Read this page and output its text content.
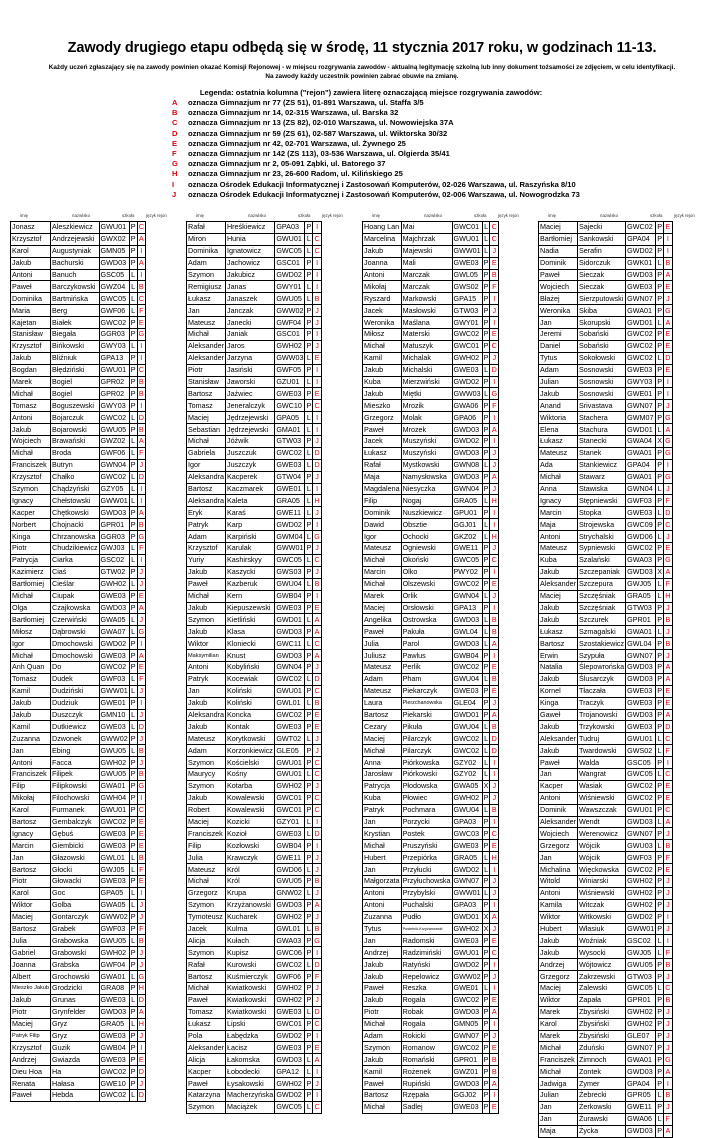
Zawody drugiego etapu odbędą się w środę, 11 stycznia 2017 roku, w godzinach 11-13.
Każdy uczeń zgłaszający się na zawody powinien okazać Komisji Rejonowej - w miejscu rozgrywania zawodów - aktualną legitymację szkolną lub inny dokument tożsamości ze zdjęciem, w celu identyfikacji.
Na zawody każdy uczestnik powinien zabrać obuwie na zmianę.
Legenda: ostatnia kolumna ("rejon") zawiera literę oznaczającą miejsce rozgrywania zawodów:
A	oznacza Gimnazjum nr 77 (ZS 51), 01-891 Warszawa, ul. Staffa 3/5
B	oznacza Gimnazjum nr 14, 02-315 Warszawa, ul. Barska 32
C	oznacza Gimnazjum nr 13 (ZS 82), 02-010 Warszawa, ul. Nowowiejska 37A
D	oznacza Gimnazjum nr 59 (ZS 61), 02-587 Warszawa, ul. Wiktorska 30/32
E	oznacza Gimnazjum nr 42, 02-701 Warszawa, ul. Żywnego 25
F	oznacza Gimnazjum nr 142 (ZS 113), 03-536 Warszawa, ul. Olgierda 35/41
G	oznacza Gimnazjum nr 2, 05-091 Ząbki, ul. Batorego 37
H	oznacza Gimnazjum nr 23, 26-600 Radom, ul. Kilińskiego 25
I	oznacza Ośrodek Edukacji Informatycznej i Zastosowań Komputerów, 02-026 Warszawa, ul. Raszyńska 8/10
J	oznacza Ośrodek Edukacji Informatycznej i Zastosowań Komputerów, 02-006 Warszawa, ul. Nowogrodzka 73
imię	nazwisko	szkoła	język rejon
Jonasz	Aleszkiewicz	GWU01	P	C
Krzysztof	Andrzejewski	GWX02	P	A
Karol	Augustyniak	GMN05	P	I
Jakub	Bachurski	GWD03	P	A
Antoni	Banuch	GSC05	L	I
Paweł	Barczykowski	GWZ04	L	B
Dominika	Bartmińska	GWC05	L	C
Maria	Berg	GWF06	L	F
Kajetan	Białek	GWC02	P	E
Stanisław	Biegała	GGR03	P	G
Krzysztof	Bińkowski	GWY03	L	I
Jakub	Bliźniuk	GPA13	P	I
Bogdan	Błędziński	GWU01	P	C
Marek	Bogiel	GPR02	P	B
Michał	Bogiel	GPR02	P	B
Tomasz	Boguszewski	GWY03	P	I
Antoni	Bojarczuk	GWC02	L	D
Jakub	Bojarowski	GWU05	P	B
Wojciech	Brawański	GWZ02	L	A
Michał	Broda	GWF06	L	F
Franciszek	Butryn	GWN04	P	J
Krzysztof	Chałko	GWC02	L	D
Szymon	Chądzyński	GZY05	L	I
Ignacy	Chełstowski	GWW01	L	I
Kacper	Chętkowski	GWD03	P	A
Norbert	Chojnacki	GPR01	P	B
Kinga	Chrzanowska	GGR03	P	G
Piotr	Chudzikiewicz	GWJ03	L	F
Patrycja	Ciarka	GSC02	L	I
Kazimierz	Ciaś	GTW02	P	J
Bartłomiej	Cieślar	GWH02	L	J
Michał	Ciupak	GWE03	P	E
Olga	Czajkowska	GWD03	P	A
Bartłomiej	Czerwiński	GWA05	L	J
Miłosz	Dąbrowski	GWA07	L	G
Igor	Dmochowski	GWD02	P	I
Michał	Dmochowski	GWE03	P	A
Anh Quan	Do	GWC02	P	E
Tomasz	Dudek	GWF03	L	F
Kamil	Dudziński	GWW01	L	J
Jakub	Dudziuk	GWE01	P	I
Jakub	Duszczyk	GMN10	L	J
Kamil	Dutkiewicz	GWE03	L	D
Zuzanna	Dzwonek	GWW02	P	J
Jan	Ebing	GWU05	L	B
Antoni	Facca	GWH02	P	J
Franciszek	Filipek	GWU05	P	B
Filip	Filipkowski	GWA01	P	G
Mikołaj	Filochowski	GWH04	P	I
Karol	Furmanek	GWU01	P	C
Bartosz	Gembalczyk	GWC02	P	E
Ignacy	Gębuś	GWE03	P	E
Marcin	Giembicki	GWE03	P	E
Jan	Głazowski	GWL01	L	B
Bartosz	Głocki	GWJ05	L	F
Piotr	Głowacki	GWE03	P	E
Karol	Goc	GPA05	L	I
Wiktor	Golba	GWA05	L	J
Maciej	Gontarczyk	GWW02	P	J
Bartosz	Grabek	GWF03	P	F
Julia	Grabowska	GWU05	L	B
Gabriel	Grabowski	GWH02	P	J
Joanna	Grabska	GWF04	P	J
Albert	Grochowski	GWA01	L	G
Mieszko Jakub	Grodzicki	GRA08	P	H
Jakub	Grunas	GWE03	L	D
Piotr	Grynfelder	GWD03	P	A
Maciej	Gryz	GRA05	L	H
Patryk Filip	Gryz	GWE03	P	J
Krzysztof	Guzik	GWB04	P	I
Andrzej	Gwiazda	GWE03	P	E
Dieu Hoa	Ha	GWC02	P	D
Renata	Hałasa	GWE10	P	J
Paweł	Hebda	GWC02	L	D
imię	nazwisko	szkoła	język rejon
Rafał	Hreśkiewicz	GPA03	P	I
Miron	Hunia	GWU01	L	C
Dominika	Ignatowicz	GWC05	L	C
Adam	Jachowicz	GSC01	P	I
Szymon	Jakubicz	GWD02	P	I
Remigiusz	Janas	GWY01	L	I
Łukasz	Janaszek	GWU05	L	B
Jan	Janczak	GWW02	P	J
Mateusz	Janecki	GWF04	P	J
Michał	Janiak	GSC01	P	I
Aleksander	Jaros	GWH02	P	J
Aleksander	Jarzyna	GWW03	L	E
Piotr	Jasiński	GWF05	P	I
Stanisław	Jaworski	GZU01	L	I
Bartosz	Jaźwiec	GWE03	P	E
Tomasz	Jeneralczyk	GWC10	P	C
Maciej	Jędrzejewski	GPA05	L	I
Sebastian	Jędrzejewski	GMA01	L	I
Michał	Jóźwik	GTW03	P	J
Gabriela	Juszczuk	GWC02	L	D
Igor	Juszczyk	GWE03	L	D
Aleksandra	Kacperek	GTW04	P	J
Bartosz	Kaczmarek	GWE01	L	I
Aleksandra	Kaleta	GRA05	L	H
Eryk	Karaś	GWE11	L	J
Patryk	Karp	GWD02	P	I
Adam	Karpiński	GWM04	L	G
Krzysztof	Karulak	GWW01	P	J
Yuriy	Kashirskyy	GWC05	L	C
Jakub	Kaszycki	GWS03	P	J
Paweł	Kazberuk	GWU04	L	B
Michał	Kern	GWB04	P	I
Jakub	Kiepuszewski	GWE03	P	E
Szymon	Kietliński	GWD01	L	A
Jakub	Klasa	GWD03	P	A
Wiktor	Kloniecki	GWC11	L	C
Maksymilian	Knust	GWD03	P	A
Antoni	Kobyliński	GWN04	P	J
Patryk	Kocewiak	GWC02	L	D
Jan	Koliński	GWU01	P	C
Jakub	Koliński	GWL01	L	B
Aleksandra	Koncka	GWC02	P	E
Jakub	Kontak	GWE03	P	E
Mateusz	Korytkowski	GWT02	L	J
Adam	Korzonkiewicz	GLE05	P	J
Szymon	Kościelski	GWU01	P	C
Maurycy	Kośny	GWU01	L	C
Szymon	Kotarba	GWH02	P	J
Jakub	Kowalewski	GWC01	P	C
Robert	Kowalewski	GWC01	P	C
Maciej	Kozicki	GZY01	L	I
Franciszek	Kozioł	GWE03	L	D
Filip	Kozłowski	GWB04	P	I
Julia	Krawczyk	GWE11	P	J
Mateusz	Król	GWD06	L	J
Michał	Król	GWU05	P	B
Grzegorz	Krupa	GNW02	L	J
Szymon	Krzyżanowski	GWD03	P	A
Tymoteusz	Kucharek	GWH02	P	J
Jacek	Kulma	GWL01	L	B
Alicja	Kułach	GWA03	P	G
Szymon	Kupisz	GWC06	P	I
Rafał	Kurowski	GWC02	L	D
Bartosz	Kuśmierczyk	GWF06	P	F
Michał	Kwiatkowski	GWH02	P	J
Paweł	Kwiatkowski	GWH02	P	J
Tomasz	Kwiatkowski	GWE03	L	D
Łukasz	Lipski	GWC01	P	C
Pola	Łabędzka	GWD02	P	I
Aleksander	Łacisz	GWE03	P	E
Alicja	Łakomska	GWD03	L	A
Kacper	Łobodecki	GPA12	L	I
Paweł	Łysakowski	GWH02	P	J
Katarzyna	Macherzyńska	GWD02	P	I
Szymon	Maciążek	GWC05	L	C
imię	nazwisko	szkoła	język rejon
Hoang Lan	Mai	GWC01	L	C
Marcelina	Majchrzak	GWU01	L	C
Jakub	Majewski	GWW01	L	J
Joanna	Mali	GWE03	P	E
Antoni	Marczak	GWL05	P	B
Mikołaj	Marczak	GWS02	P	F
Ryszard	Markowski	GPA15	P	I
Jacek	Masłowski	GTW03	P	J
Weronika	Maślana	GWY01	P	I
Miłosz	Materski	GWC02	P	E
Michał	Matuszyk	GWC01	P	C
Kamil	Michalak	GWH02	P	J
Jakub	Michalski	GWE03	L	D
Kuba	Mierzwiński	GWD02	P	I
Jakub	Miętki	GWW03	L	G
Mieszko	Mrozik	GWA06	P	F
Grzegorz	Molak	GPA06	P	I
Paweł	Mrozek	GWD03	P	A
Jacek	Muszyński	GWD02	P	I
Łukasz	Muszyński	GWD03	P	J
Rafał	Mystkowski	GWN08	L	J
Maja	Namysłowska	GWD03	P	A
Magdalena	Niesyczka	GWN04	P	J
Filip	Nogaj	GRA05	L	H
Dominik	Nuszkiewicz	GPU01	P	I
Dawid	Obsztie	GGJ01	L	I
Igor	Ochocki	GKZ02	L	H
Mateusz	Ogniewski	GWE11	P	J
Michał	Okoński	GWC05	P	C
Marcin	Olko	PWY02	P	I
Michał	Olszewski	GWC02	P	E
Marek	Orlik	GWN04	L	J
Maciej	Orsłowski	GPA13	P	I
Angelika	Ostrowska	GWD03	L	B
Paweł	Pakuła	GWL04	L	B
Julia	Parol	GWD03	L	A
Juliusz	Pawlus	GWB04	P	I
Mateusz	Perlik	GWC02	P	E
Adam	Pham	GWU04	L	B
Mateusz	Piekarczyk	GWE03	P	E
Laura	Pierzchanowska	GLE04	P	J
Bartosz	Piekarski	GWD01	P	A
Cezary	Pikuła	GWU04	L	B
Maciej	Pilarczyk	GWC02	L	D
Michał	Pilarczyk	GWC02	L	D
Anna	Piórkowska	GZY02	L	I
Jarosław	Piórkowski	GZY02	L	I
Patrycja	Płodowska	GWA05	X	J
Kuba	Płowiec	GWH02	P	J
Patryk	Pochmara	GWU04	L	B
Jan	Porzycki	GPA03	P	I
Krystian	Postek	GWC03	P	C
Michał	Pruszyński	GWE03	P	E
Hubert	Przepiórka	GRA05	L	H
Jan	Przyłucki	GWD02	L	I
Małgorzata	Przyłuchowska	GWN07	P	J
Antoni	Przybylski	GWW01	L	J
Antoni	Puchalski	GPA03	P	I
Zuzanna	Pudło	GWD01	X	A
Tytus	Pustelnik-Krzyżanowski	GWH02	X	J
Jan	Radomski	GWE03	P	E
Andrzej	Radzimiński	GWU01	P	C
Jakub	Ratyński	GWD02	P	I
Jakub	Repelowicz	GWW02	P	J
Paweł	Reszka	GWE01	L	I
Jakub	Rogala	GWC02	P	E
Piotr	Robak	GWD03	P	A
Michał	Rogala	GMN05	P	I
Adam	Rokicki	GWN07	P	J
Szymon	Romanow	GWC02	P	E
Jakub	Romański	GPR01	P	B
Kamil	Rożenek	GWZ01	P	B
Paweł	Rupiński	GWD03	P	A
Bartosz	Rzępała	GGJ02	P	I
Michał	Sadlej	GWE03	P	E
imię	nazwisko	szkoła	język rejon
Maciej	Sajecki	GWC02	P	E
Bartłomiej	Sankowski	GPA04	P	I
Nadia	Serafin	GWD02	P	I
Dominik	Sidorczuk	GWK01	L	B
Paweł	Sieczak	GWD03	P	A
Wojciech	Sieczak	GWE03	P	E
Błażej	Sierzputowski	GWN07	P	J
Weronika	Skiba	GWA01	P	G
Jan	Skorupski	GWD01	L	A
Jeremi	Sobański	GWC02	P	E
Daniel	Sobański	GWC02	P	E
Tytus	Sokołowski	GWC02	L	D
Adam	Sosnowski	GWE03	P	E
Julian	Sosnowski	GWY03	P	I
Jakub	Sosnowski	GWE01	P	I
Anand	Srivastava	GWN07	P	J
Wiktoria	Stachera	GWM07	P	G
Elena	Stachura	GWD01	L	A
Łukasz	Stanecki	GWA04	X	G
Mateusz	Stanek	GWA01	P	G
Ada	Stankiewicz	GPA04	P	I
Michał	Stawarz	GWA01	P	G
Anna	Stawiska	GWN04	L	J
Ignacy	Stępniewski	GWF03	P	F
Marcin	Stopka	GWE03	L	D
Maja	Strojewska	GWC09	P	C
Antoni	Strychalski	GWD06	L	J
Mateusz	Sypniewski	GWC02	P	E
Kuba	Szalański	GWA03	P	G
Jakub	Szczepaniak	GWD03	X	A
Aleksander	Szczepura	GWJ05	L	F
Maciej	Szczęśniak	GRA05	L	H
Jakub	Szczęśniak	GTW03	P	J
Jakub	Szczurek	GPR01	P	B
Łukasz	Szmagalski	GWA01	L	J
Bartosz	Szostakiewicz	GWL04	P	B
Erwin	Szypuła	GWN07	P	J
Natalia	Ślepowrońska	GWD03	P	A
Jakub	Ślusarczyk	GWD03	P	A
Kornel	Tłaczała	GWE03	P	E
Kinga	Traczyk	GWE03	P	E
Gaweł	Trojanowski	GWD03	P	A
Jakub	Trzykowski	GWE03	P	D
Aleksander	Tudruj	GWU01	L	C
Jakub	Twardowski	GWS02	L	F
Paweł	Walda	GSC05	P	I
Jan	Wangrat	GWC05	L	C
Kacper	Wasiak	GWC02	P	E
Antoni	Wiśniewski	GWC02	P	E
Dominik	Wawszczak	GWU01	P	C
Aleksander	Wendt	GWD03	L	A
Wojciech	Werenowicz	GWN07	P	J
Grzegorz	Wójcik	GWU03	L	B
Jan	Wójcik	GWF03	P	F
Michalina	Więckowska	GWC02	P	E
Witold	Winiarski	GWH02	P	J
Antoni	Wiśniewski	GWH02	P	J
Kamila	Witczak	GWH02	P	J
Wiktor	Witkowski	GWD02	P	I
Hubert	Własiuk	GWW01	P	J
Jakub	Woźniak	GSC02	L	I
Jakub	Wysocki	GWJ05	L	F
Andrzej	Wójtowicz	GWU05	P	B
Grzegorz	Zakrzewski	GTW03	P	J
Maciej	Zalewski	GWC05	L	C
Wiktor	Zapała	GPR01	P	B
Marek	Zbysiński	GWH02	P	J
Karol	Zbysiński	GWH02	P	J
Marek	Zbysiński	GLE07	P	J
Michał	Zduński	GWN07	P	J
Franciszek	Zimnoch	GWA01	P	G
Michał	Zontek	GWD03	P	A
Jadwiga	Zymer	GPA04	P	I
Julian	Żebrecki	GPR05	L	B
Jan	Żerkowski	GWE11	P	J
Jan	Żurawski	GWA06	L	F
Maja	Życka	GWD03	P	A
